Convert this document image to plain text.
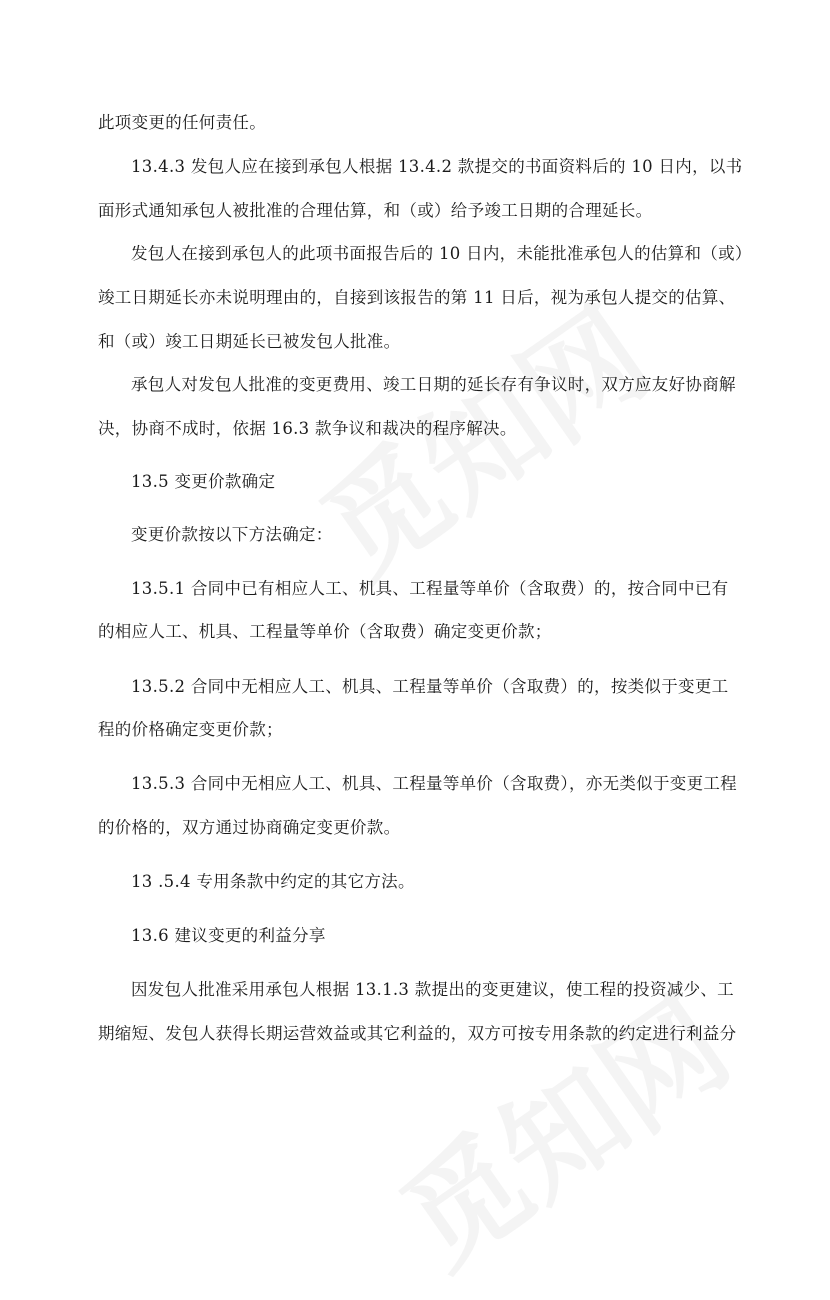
此项变更的任何责任。
13.4.3 发包人应在接到承包人根据 13.4.2 款提交的书面资料后的 10 日内，以书
面形式通知承包人被批准的合理估算，和（或）给予竣工日期的合理延长。
发包人在接到承包人的此项书面报告后的 10 日内，未能批准承包人的估算和（或）
竣工日期延长亦未说明理由的，自接到该报告的第 11 日后，视为承包人提交的估算、
和（或）竣工日期延长已被发包人批准。
承包人对发包人批准的变更费用、竣工日期的延长存有争议时，双方应友好协商解
决，协商不成时，依据 16.3 款争议和裁决的程序解决。
13.5 变更价款确定
变更价款按以下方法确定：
13.5.1 合同中已有相应人工、机具、工程量等单价（含取费）的，按合同中已有
的相应人工、机具、工程量等单价（含取费）确定变更价款；
13.5.2 合同中无相应人工、机具、工程量等单价（含取费）的，按类似于变更工
程的价格确定变更价款；
13.5.3 合同中无相应人工、机具、工程量等单价（含取费），亦无类似于变更工程
的价格的，双方通过协商确定变更价款。
13 .5.4 专用条款中约定的其它方法。
13.6 建议变更的利益分享
因发包人批准采用承包人根据 13.1.3 款提出的变更建议，使工程的投资减少、工
期缩短、发包人获得长期运营效益或其它利益的，双方可按专用条款的约定进行利益分
